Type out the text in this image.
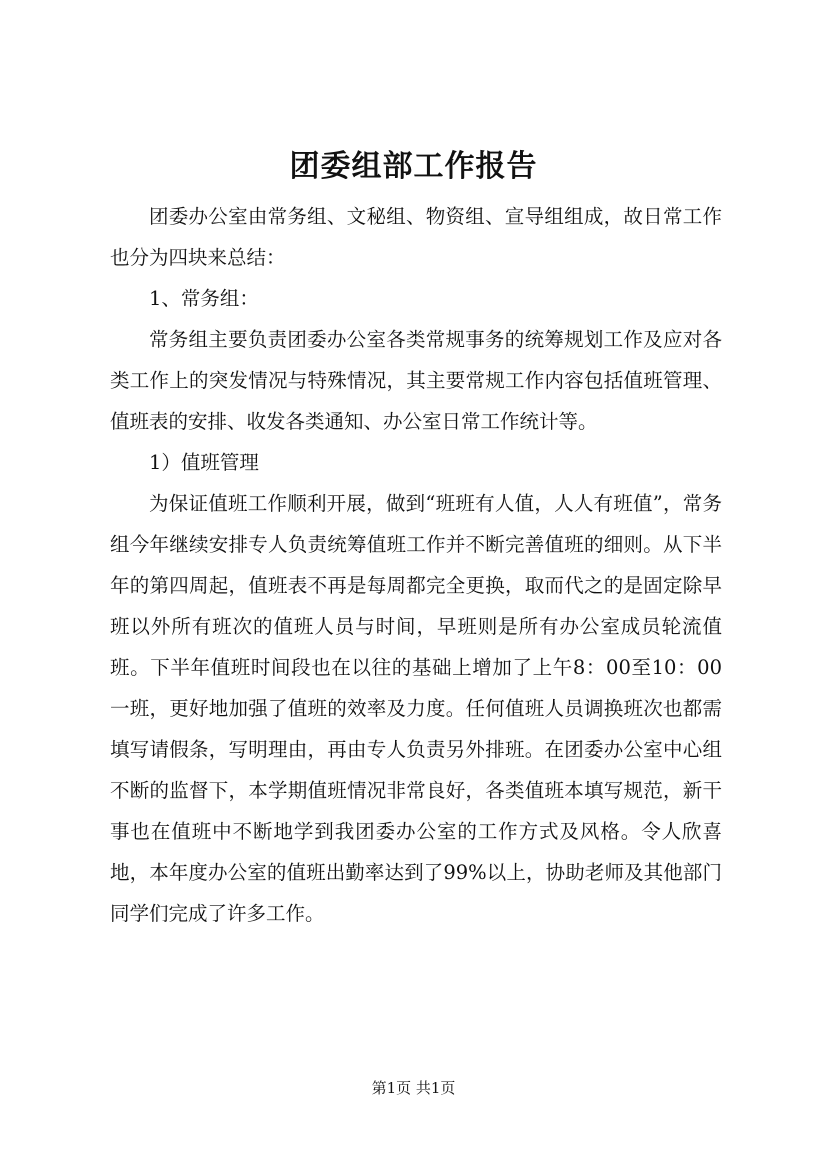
团委组部工作报告

团委办公室由常务组、文秘组、物资组、宣导组组成，故日常工作也分为四块来总结：

1、常务组：

常务组主要负责团委办公室各类常规事务的统筹规划工作及应对各类工作上的突发情况与特殊情况，其主要常规工作内容包括值班管理、值班表的安排、收发各类通知、办公室日常工作统计等。

1）值班管理

为保证值班工作顺利开展，做到“班班有人值，人人有班值”，常务组今年继续安排专人负责统筹值班工作并不断完善值班的细则。从下半年的第四周起，值班表不再是每周都完全更换，取而代之的是固定除早班以外所有班次的值班人员与时间，早班则是所有办公室成员轮流值班。下半年值班时间段也在以往的基础上增加了上午8：00至10：00一班，更好地加强了值班的效率及力度。任何值班人员调换班次也都需填写请假条，写明理由，再由专人负责另外排班。在团委办公室中心组不断的监督下，本学期值班情况非常良好，各类值班本填写规范，新干事也在值班中不断地学到我团委办公室的工作方式及风格。令人欣喜地，本年度办公室的值班出勤率达到了99%以上，协助老师及其他部门同学们完成了许多工作。

第1页 共1页
